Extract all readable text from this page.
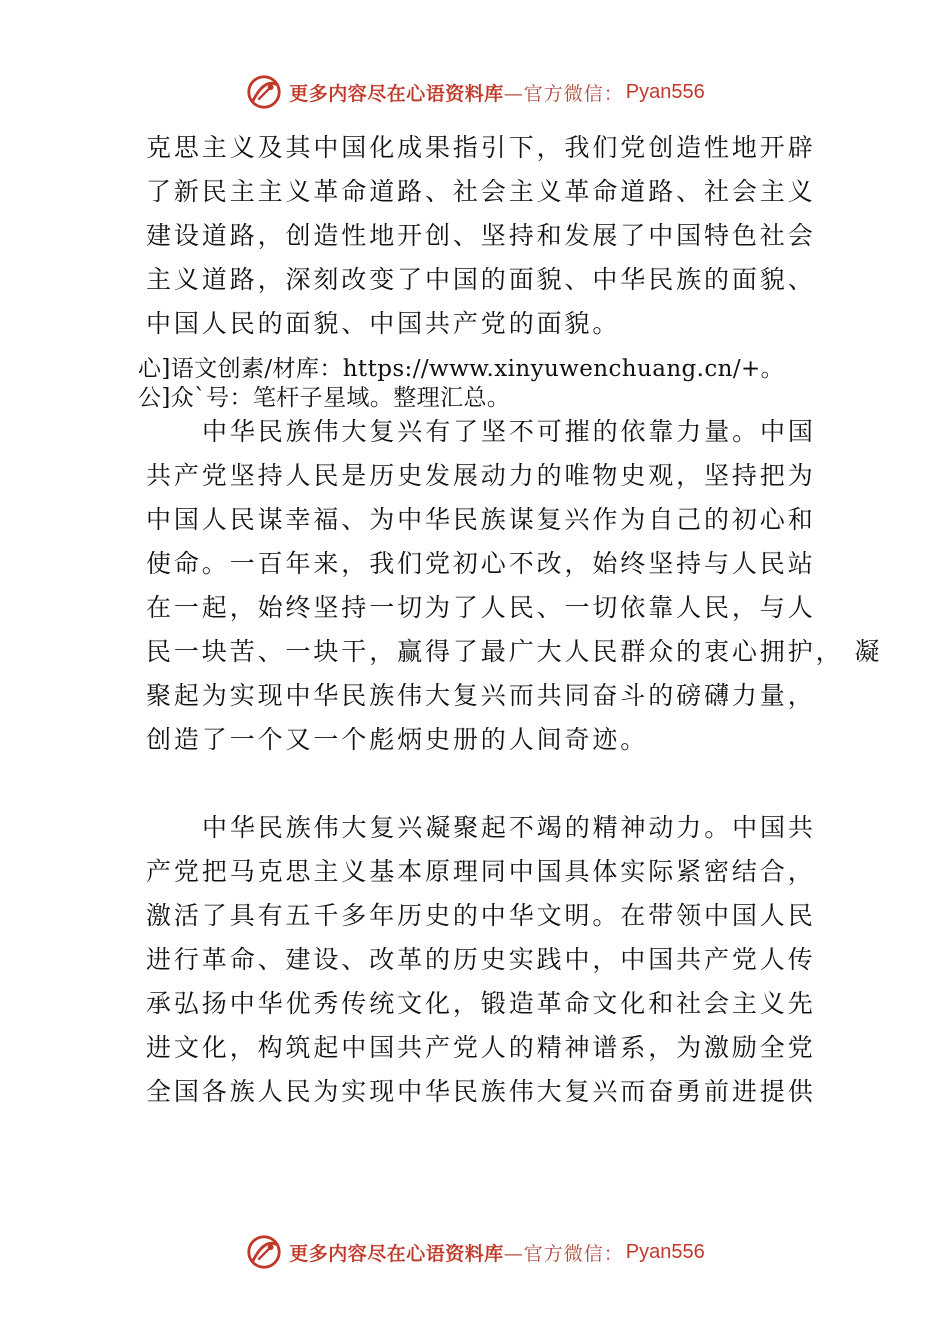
更多内容尽在心语资料库 —官方微信： Pyan556
克思主义及其中国化成果指引下，我们党创造性地开辟
了新民主主义革命道路、社会主义革命道路、社会主义
建设道路，创造性地开创、坚持和发展了中国特色社会
主义道路，深刻改变了中国的面貌、中华民族的面貌、
中国人民的面貌、中国共产党的面貌。
心]语文创素/材库：https://www.xinyuwenchuang.cn/+。
公]众`号：笔杆子星域。整理汇总。
中华民族伟大复兴有了坚不可摧的依靠力量。中国
共产党坚持人民是历史发展动力的唯物史观，坚持把为
中国人民谋幸福、为中华民族谋复兴作为自己的初心和
使命。一百年来，我们党初心不改，始终坚持与人民站
在一起，始终坚持一切为了人民、一切依靠人民，与人
民一块苦、一块干，赢得了最广大人民群众的衷心拥护， 凝
聚起为实现中华民族伟大复兴而共同奋斗的磅礴力量，
创造了一个又一个彪炳史册的人间奇迹。
中华民族伟大复兴凝聚起不竭的精神动力。中国共
产党把马克思主义基本原理同中国具体实际紧密结合，
激活了具有五千多年历史的中华文明。在带领中国人民
进行革命、建设、改革的历史实践中，中国共产党人传
承弘扬中华优秀传统文化，锻造革命文化和社会主义先
进文化，构筑起中国共产党人的精神谱系，为激励全党
全国各族人民为实现中华民族伟大复兴而奋勇前进提供
更多内容尽在心语资料库 —官方微信： Pyan556
